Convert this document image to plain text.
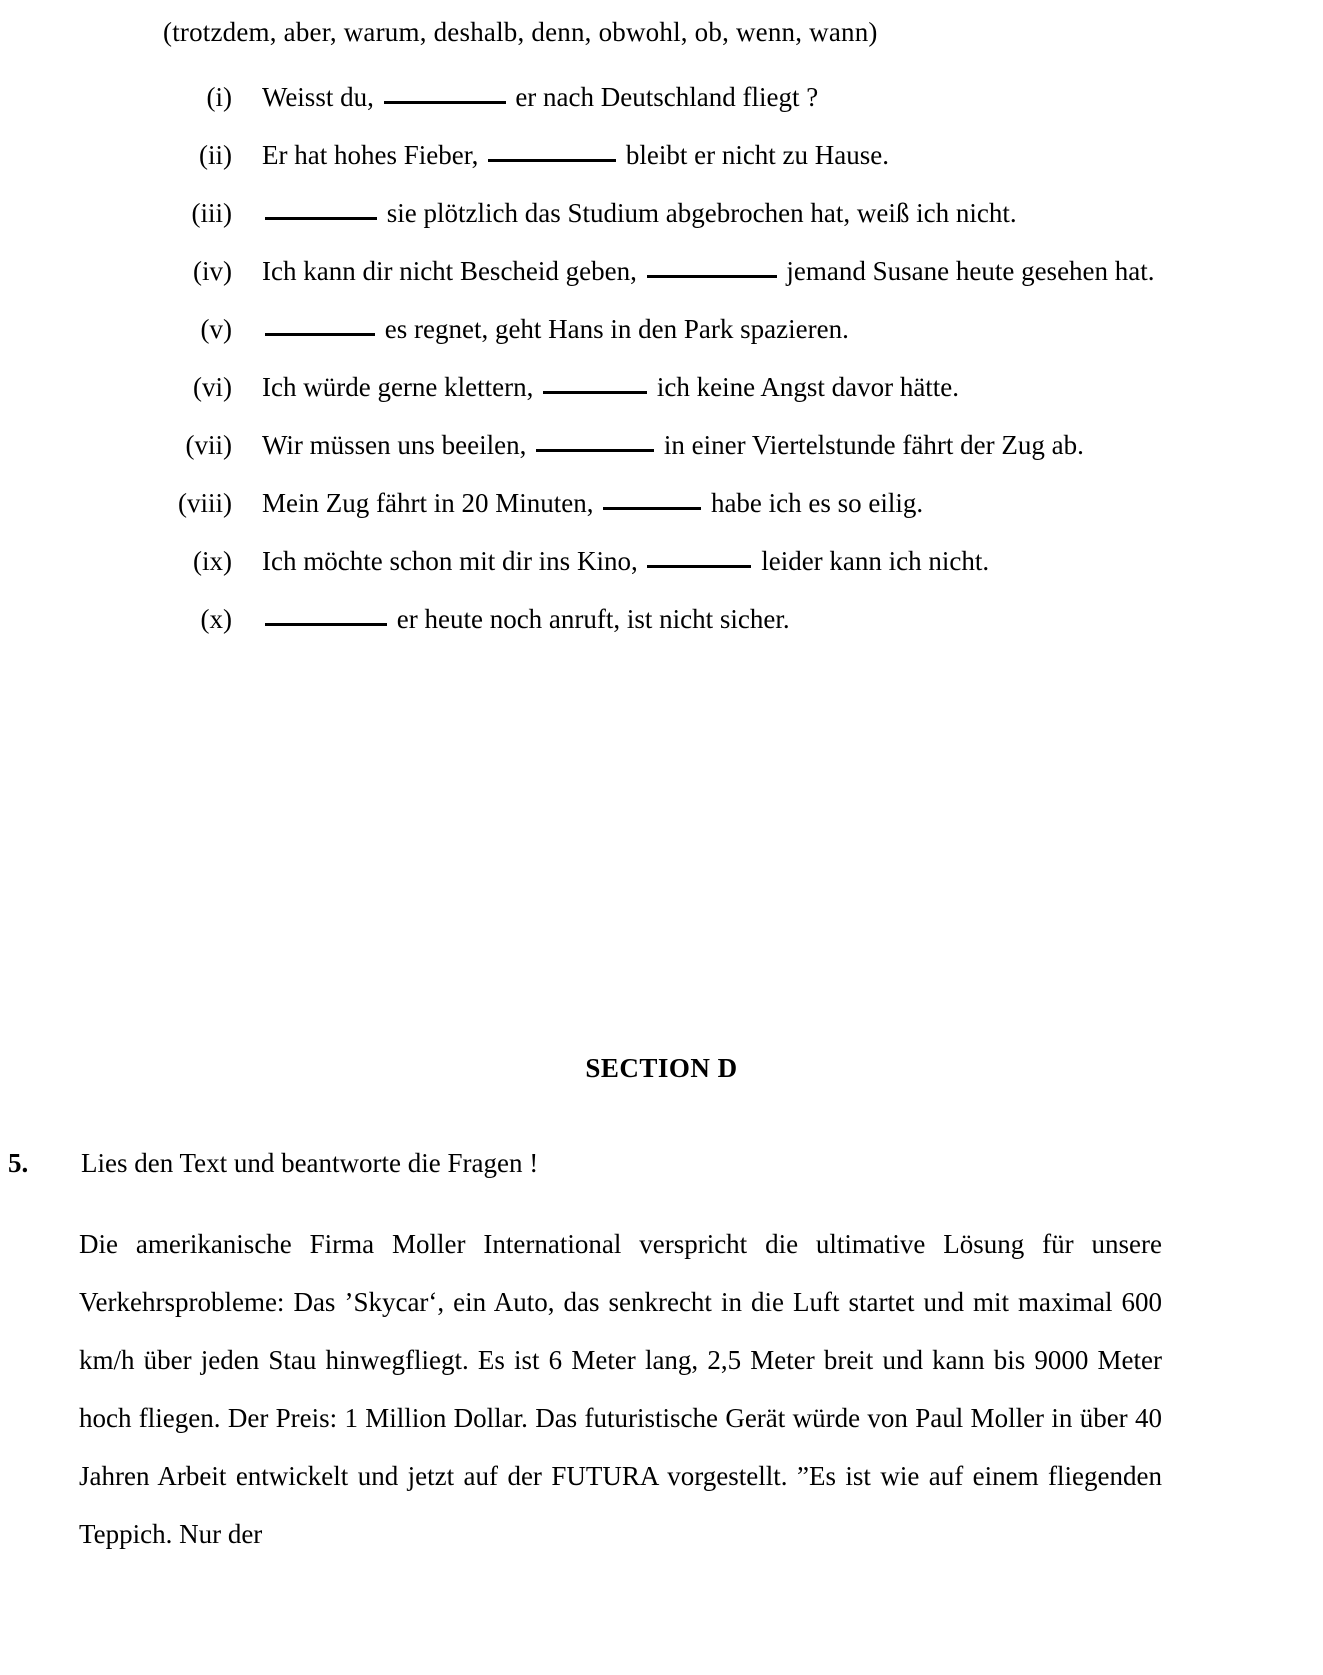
(trotzdem, aber, warum, deshalb, denn, obwohl, ob, wenn, wann)
(i) Weisst du,	er nach Deutschland fliegt ?
(ii) Er hat hohes Fieber,	bleibt er nicht zu Hause.
(iii)	sie plötzlich das Studium abgebrochen hat, weiß ich nicht.
(iv) Ich kann dir nicht Bescheid geben,	jemand Susane heute gesehen hat.
(v)	es regnet, geht Hans in den Park spazieren.
(vi) Ich würde gerne klettern,	ich keine Angst davor hätte.
(vii) Wir müssen uns beeilen,	in einer Viertelstunde fährt der Zug ab.
(viii) Mein Zug fährt in 20 Minuten,	habe ich es so eilig.
(ix) Ich möchte schon mit dir ins Kino,	leider kann ich nicht.
(x)	er heute noch anruft, ist nicht sicher.
SECTION D
5.	Lies den Text und beantworte die Fragen !

Die amerikanische Firma Moller International verspricht die ultimative Lösung für unsere Verkehrsprobleme: Das ’Skycar‘, ein Auto, das senkrecht in die Luft startet und mit maximal 600 km/h über jeden Stau hinwegfliegt. Es ist 6 Meter lang, 2,5 Meter breit und kann bis 9000 Meter hoch fliegen. Der Preis: 1 Million Dollar. Das futuristische Gerät würde von Paul Moller in über 40 Jahren Arbeit entwickelt und jetzt auf der FUTURA vorgestellt. ”Es ist wie auf einem fliegenden Teppich. Nur der
